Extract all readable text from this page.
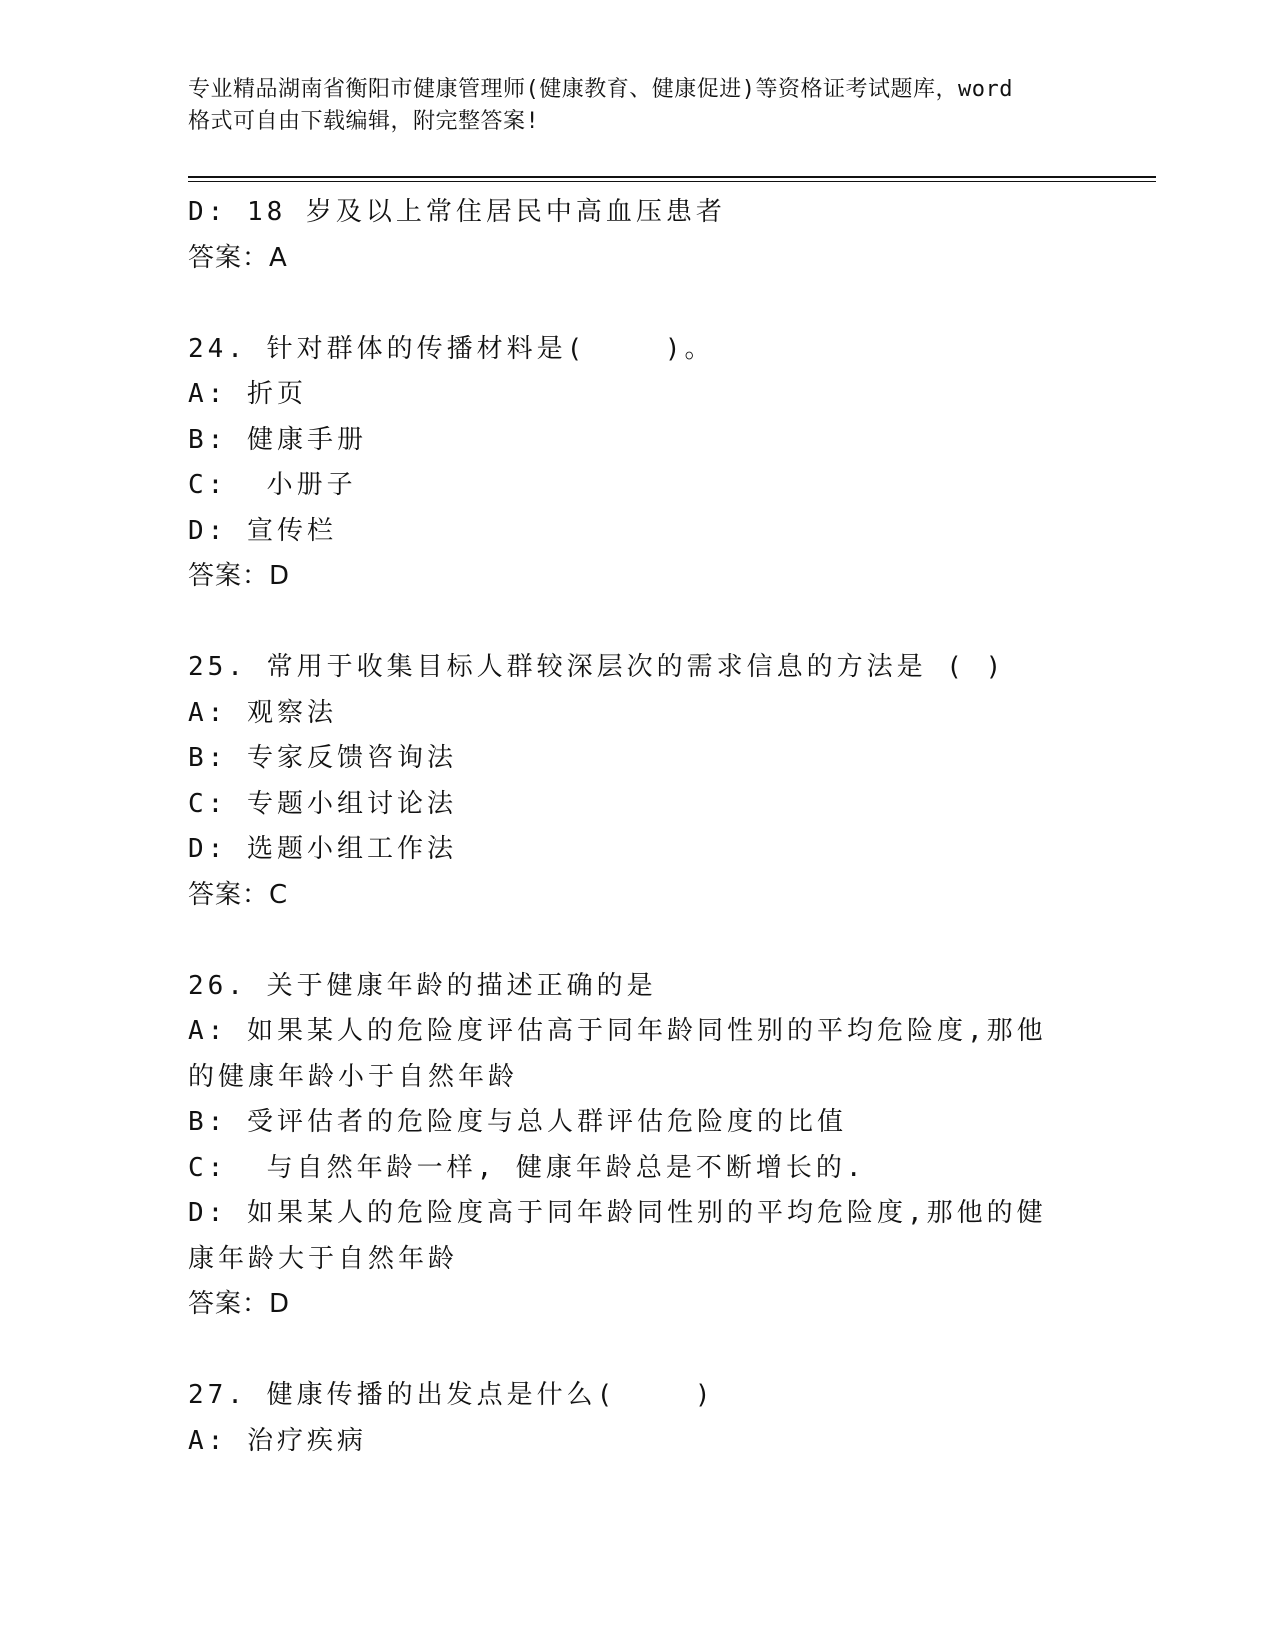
专业精品湖南省衡阳市健康管理师(健康教育、健康促进)等资格证考试题库，word
格式可自由下载编辑，附完整答案!
D: 18 岁及以上常住居民中高血压患者
答案：A
24. 针对群体的传播材料是(    )。
A: 折页
B: 健康手册
C:  小册子
D: 宣传栏
答案：D
25. 常用于收集目标人群较深层次的需求信息的方法是 ( )
A: 观察法
B: 专家反馈咨询法
C: 专题小组讨论法
D: 选题小组工作法
答案：C
26. 关于健康年龄的描述正确的是
A: 如果某人的危险度评估高于同年龄同性别的平均危险度,那他的健康年龄小于自然年龄
B: 受评估者的危险度与总人群评估危险度的比值
C:  与自然年龄一样, 健康年龄总是不断增长的.
D: 如果某人的危险度高于同年龄同性别的平均危险度,那他的健康年龄大于自然年龄
答案：D
27. 健康传播的出发点是什么(    )
A: 治疗疾病
